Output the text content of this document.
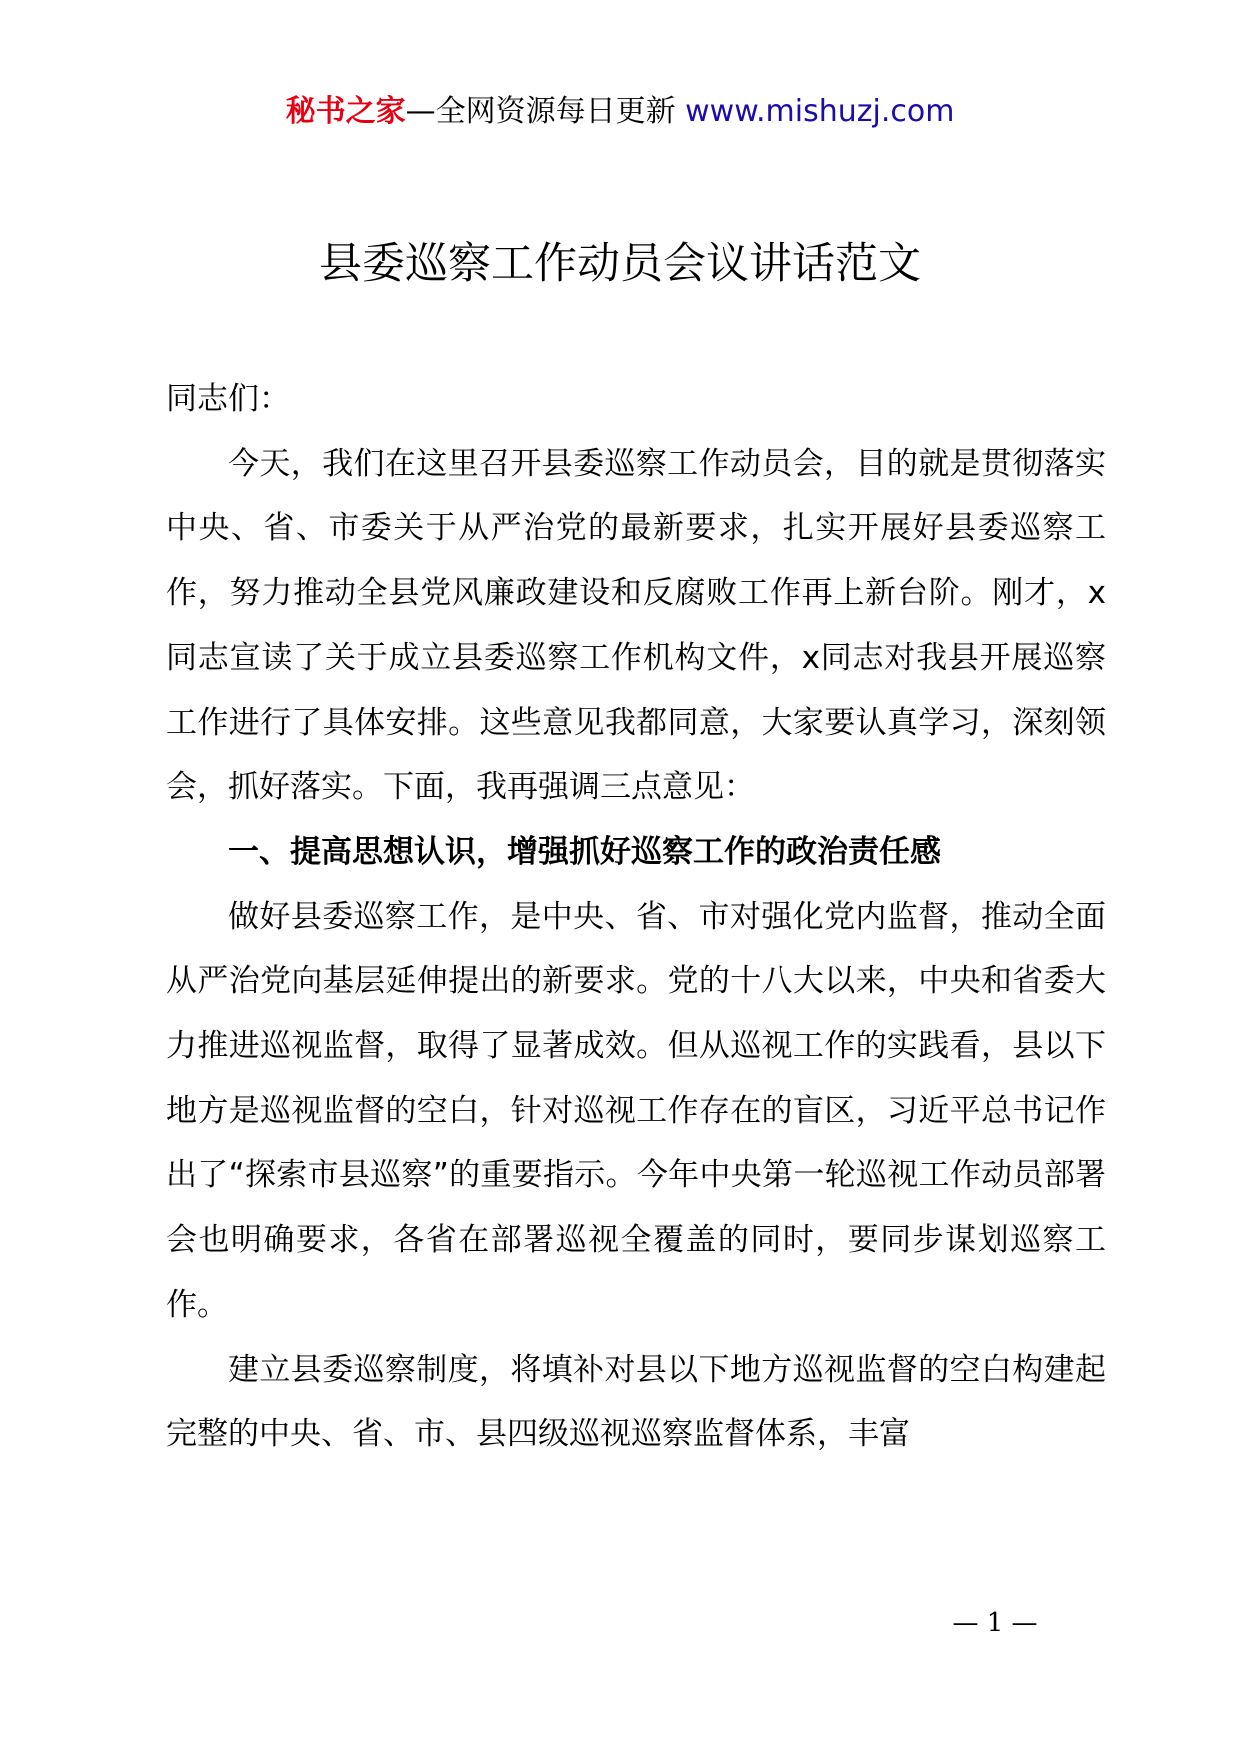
秘书之家—全网资源每日更新 www.mishuzj.com
县委巡察工作动员会议讲话范文

同志们：

今天，我们在这里召开县委巡察工作动员会，目的就是贯彻落实中央、省、市委关于从严治党的最新要求，扎实开展好县委巡察工作，努力推动全县党风廉政建设和反腐败工作再上新台阶。刚才，x同志宣读了关于成立县委巡察工作机构文件，x同志对我县开展巡察工作进行了具体安排。这些意见我都同意，大家要认真学习，深刻领会，抓好落实。下面，我再强调三点意见：

一、提高思想认识，增强抓好巡察工作的政治责任感

做好县委巡察工作，是中央、省、市对强化党内监督，推动全面从严治党向基层延伸提出的新要求。党的十八大以来，中央和省委大力推进巡视监督，取得了显著成效。但从巡视工作的实践看，县以下地方是巡视监督的空白，针对巡视工作存在的盲区，习近平总书记作出了“探索市县巡察”的重要指示。今年中央第一轮巡视工作动员部署会也明确要求，各省在部署巡视全覆盖的同时，要同步谋划巡察工作。

建立县委巡察制度，将填补对县以下地方巡视监督的空白构建起完整的中央、省、市、县四级巡视巡察监督体系，丰富

— 1 —
